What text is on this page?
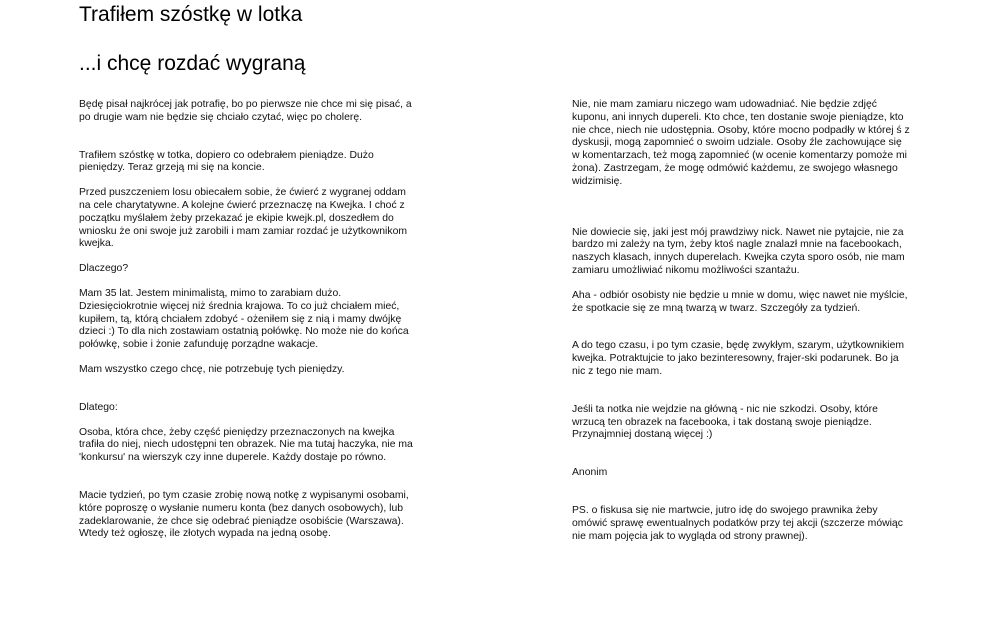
Trafiłem szóstkę w lotka
...i chcę rozdać wygraną

Będę pisał najkrócej jak potrafię, bo po pierwsze nie chce mi się pisać, a po drugie wam nie będzie się chciało czytać, więc po cholerę.

Trafiłem szóstkę w totka, dopiero co odebrałem pieniądze. Dużo pieniędzy. Teraz grzeją mi się na koncie.

Przed puszczeniem losu obiecałem sobie, że ćwierć z wygranej oddam na cele charytatywne. A kolejne ćwierć przeznaczę na Kwejka. I choć z początku myślałem żeby przekazać je ekipie kwejk.pl, doszedłem do wniosku że oni swoje już zarobili i mam zamiar rozdać je użytkownikom kwejka.

Dlaczego?

Mam 35 lat. Jestem minimalistą, mimo to zarabiam dużo. Dziesięciokrotnie więcej niż średnia krajowa. To co już chciałem mieć, kupiłem, tą, którą chciałem zdobyć - ożeniłem się z nią i mamy dwójkę dzieci :) To dla nich zostawiam ostatnią połówkę. No może nie do końca połówkę, sobie i żonie zafunduję porządne wakacje.

Mam wszystko czego chcę, nie potrzebuję tych pieniędzy.

Dlatego:

Osoba, która chce, żeby część pieniędzy przeznaczonych na kwejka trafiła do niej, niech udostępni ten obrazek. Nie ma tutaj haczyka, nie ma 'konkursu' na wierszyk czy inne duperele. Każdy dostaje po równo.

Macie tydzień, po tym czasie zrobię nową notkę z wypisanymi osobami, które poproszę o wysłanie numeru konta (bez danych osobowych), lub zadeklarowanie, że chce się odebrać pieniądze osobiście (Warszawa). Wtedy też ogłoszę, ile złotych wypada na jedną osobę.

Nie, nie mam zamiaru niczego wam udowadniać. Nie będzie zdjęć kuponu, ani innych dupereli. Kto chce, ten dostanie swoje pieniądze, kto nie chce, niech nie udostępnia. Osoby, które mocno podpadły w której ś z dyskusji, mogą zapomnieć o swoim udziale. Osoby źle zachowujące się w komentarzach, też mogą zapomnieć (w ocenie komentarzy pomoże mi żona). Zastrzegam, że mogę odmówić każdemu, ze swojego własnego widzimisię.

Nie dowiecie się, jaki jest mój prawdziwy nick. Nawet nie pytajcie, nie za bardzo mi zależy na tym, żeby ktoś nagle znalazł mnie na facebookach, naszych klasach, innych duperelach. Kwejka czyta sporo osób, nie mam zamiaru umożliwiać nikomu możliwości szantażu.

Aha - odbiór osobisty nie będzie u mnie w domu, więc nawet nie myślcie, że spotkacie się ze mną twarzą w twarz. Szczegóły za tydzień.

A do tego czasu, i po tym czasie, będę zwykłym, szarym, użytkownikiem kwejka. Potraktujcie to jako bezinteresowny, frajer-ski podarunek. Bo ja nic z tego nie mam.

Jeśli ta notka nie wejdzie na główną - nic nie szkodzi. Osoby, które wrzucą ten obrazek na facebooka, i tak dostaną swoje pieniądze. Przynajmniej dostaną więcej :)

Anonim

PS. o fiskusa się nie martwcie, jutro idę do swojego prawnika żeby omówić sprawę ewentualnych podatków przy tej akcji (szczerze mówiąc nie mam pojęcia jak to wygląda od strony prawnej).
